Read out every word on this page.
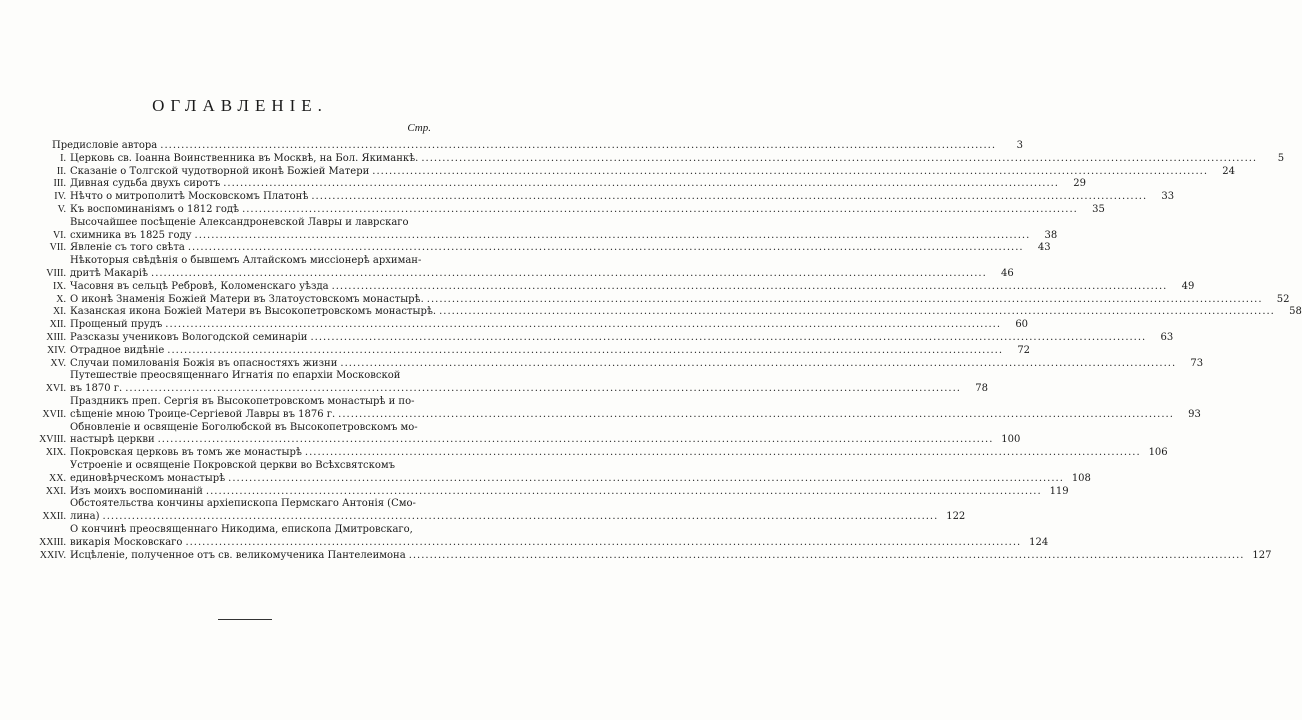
ОГЛАВЛЕНІЕ.
Стр.
Предисловіе автора ........................................................................................................................................................................................................	3
I. Церковь св. Іоанна Воинственника въ Москвѣ, на Бол. Якиманкѣ. ........................................................................................................................................................................................................	5
II. Сказаніе о Толгской чудотворной иконѣ Божіей Матери ........................................................................................................................................................................................................	24
III. Дивная судьба двухъ сиротъ ........................................................................................................................................................................................................	29
IV. Нѣчто о митрополитѣ Московскомъ Платонѣ ........................................................................................................................................................................................................	33
V. Къ воспоминаніямъ о 1812 годѣ ........................................................................................................................................................................................................	35
VI.
Высочайшее посѣщеніе Александроневской Лавры и лаврскаго
схимника въ 1825 году ........................................................................................................................................................................................................	38
VII. Явленіе съ того свѣта ........................................................................................................................................................................................................	43
VIII.
Нѣкоторыя свѣдѣнія о бывшемъ Алтайскомъ миссіонерѣ архиман-
дритѣ Макаріѣ ........................................................................................................................................................................................................	46
IX. Часовня въ сельцѣ Ребровѣ, Коломенскаго уѣзда ........................................................................................................................................................................................................	49
X. О иконѣ Знаменія Божіей Матери въ Златоустовскомъ монастырѣ. ........................................................................................................................................................................................................	52
XI. Казанская икона Божіей Матери въ Высокопетровскомъ монастырѣ. ........................................................................................................................................................................................................	58
XII. Прощеный прудъ ........................................................................................................................................................................................................	60
XIII. Разсказы учениковъ Вологодской семинаріи ........................................................................................................................................................................................................	63
XIV. Отрадное видѣніе ........................................................................................................................................................................................................	72
XV. Случаи помилованія Божія въ опасностяхъ жизни ........................................................................................................................................................................................................	73
XVI.
Путешествіе преосвященнаго Игнатія по епархіи Московской
въ 1870 г. ........................................................................................................................................................................................................	78
XVII.
Праздникъ преп. Сергія въ Высокопетровскомъ монастырѣ и по-
сѣщеніе мною Троице-Сергіевой Лавры въ 1876 г. ........................................................................................................................................................................................................	93
XVIII.
Обновленіе и освященіе Боголюбской въ Высокопетровскомъ мо-
настырѣ церкви ........................................................................................................................................................................................................ 100
XIX. Покровская церковь въ томъ же монастырѣ ........................................................................................................................................................................................................ 106
XX.
Устроеніе и освященіе Покровской церкви во Всѣхсвятскомъ
единовѣрческомъ монастырѣ ........................................................................................................................................................................................................ 108
XXI. Изъ моихъ воспоминаній ........................................................................................................................................................................................................ 119
XXII.
Обстоятельства кончины архіепископа Пермскаго Антонія (Смо-
лина) ........................................................................................................................................................................................................ 122
XXIII.
О кончинѣ преосвященнаго Никодима, епископа Дмитровскаго,
викарія Московскаго ........................................................................................................................................................................................................ 124
XXIV. Исцѣленіе, полученное отъ св. великомученика Пантелеимона ........................................................................................................................................................................................................ 127
